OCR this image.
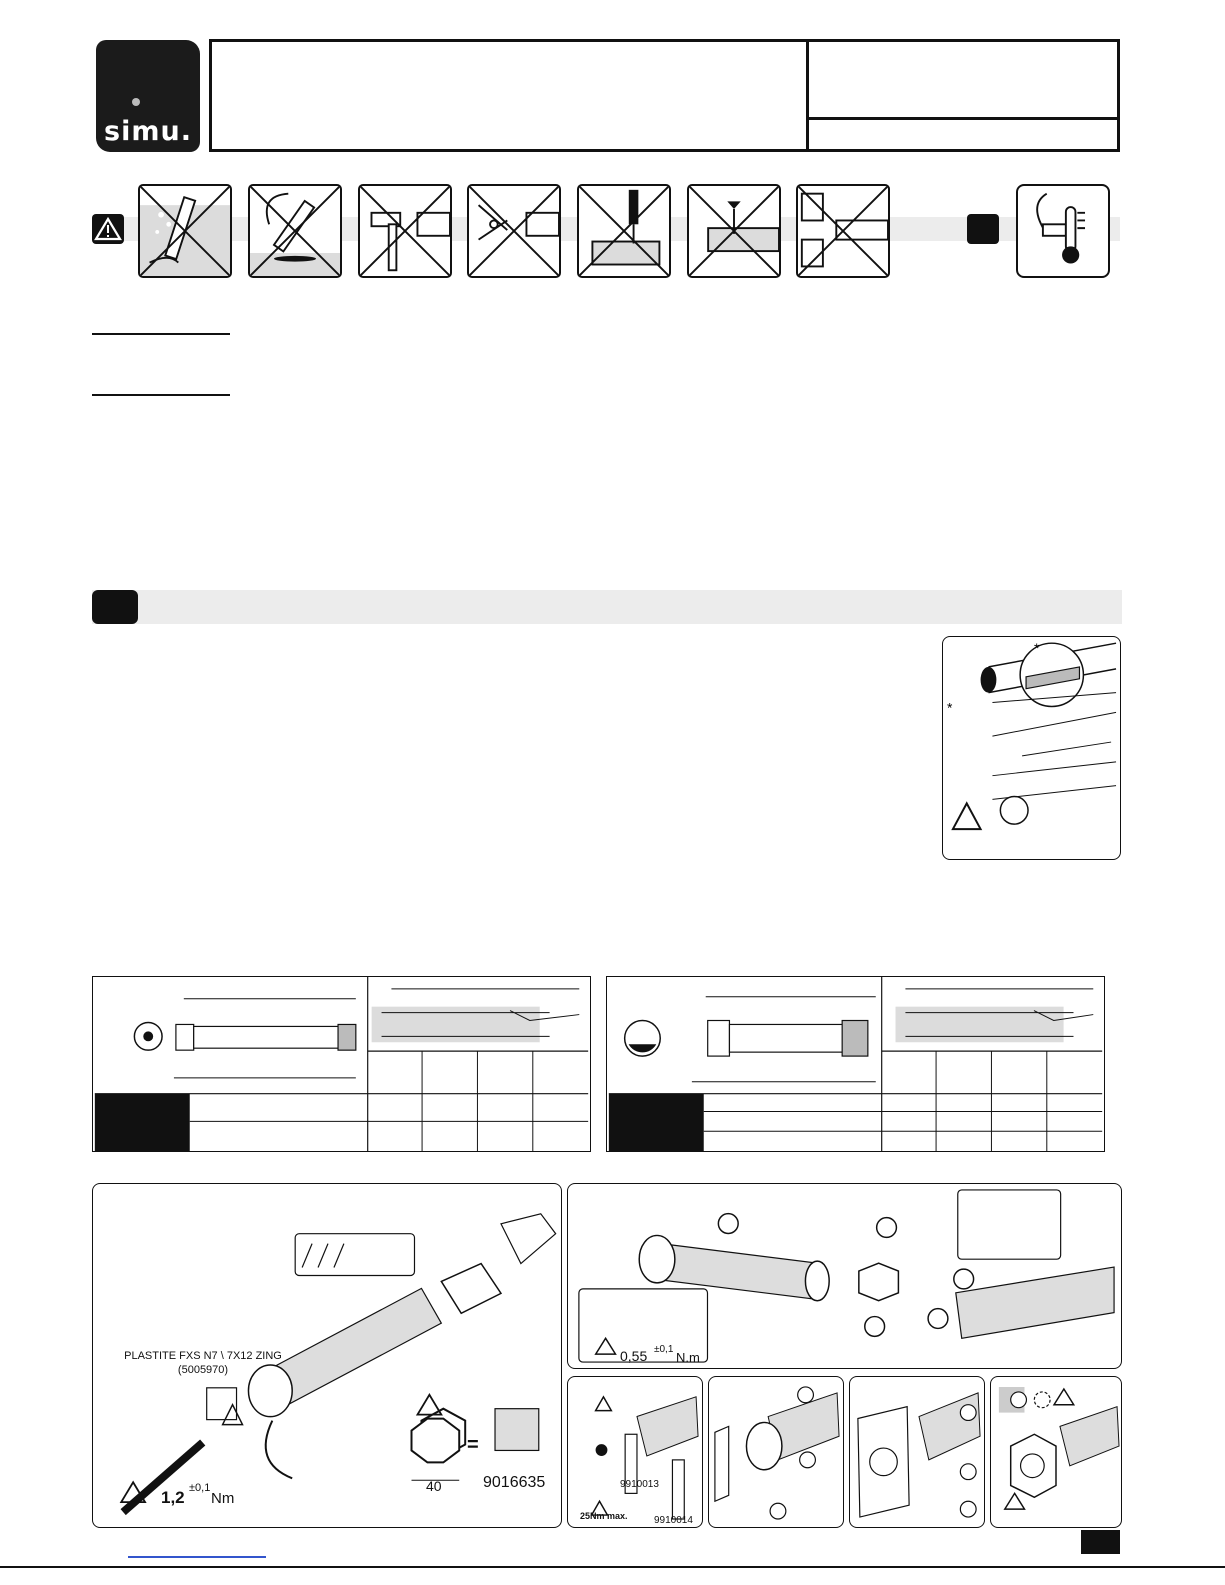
simu.
*
*
PLASTITE FXS N7 \ 7X12 ZING
(5005970)
1,2 ±0,1
Nm
40
=
9016635
0,55 ±0,1
N.m
9910013
25Nm max.	9910014
